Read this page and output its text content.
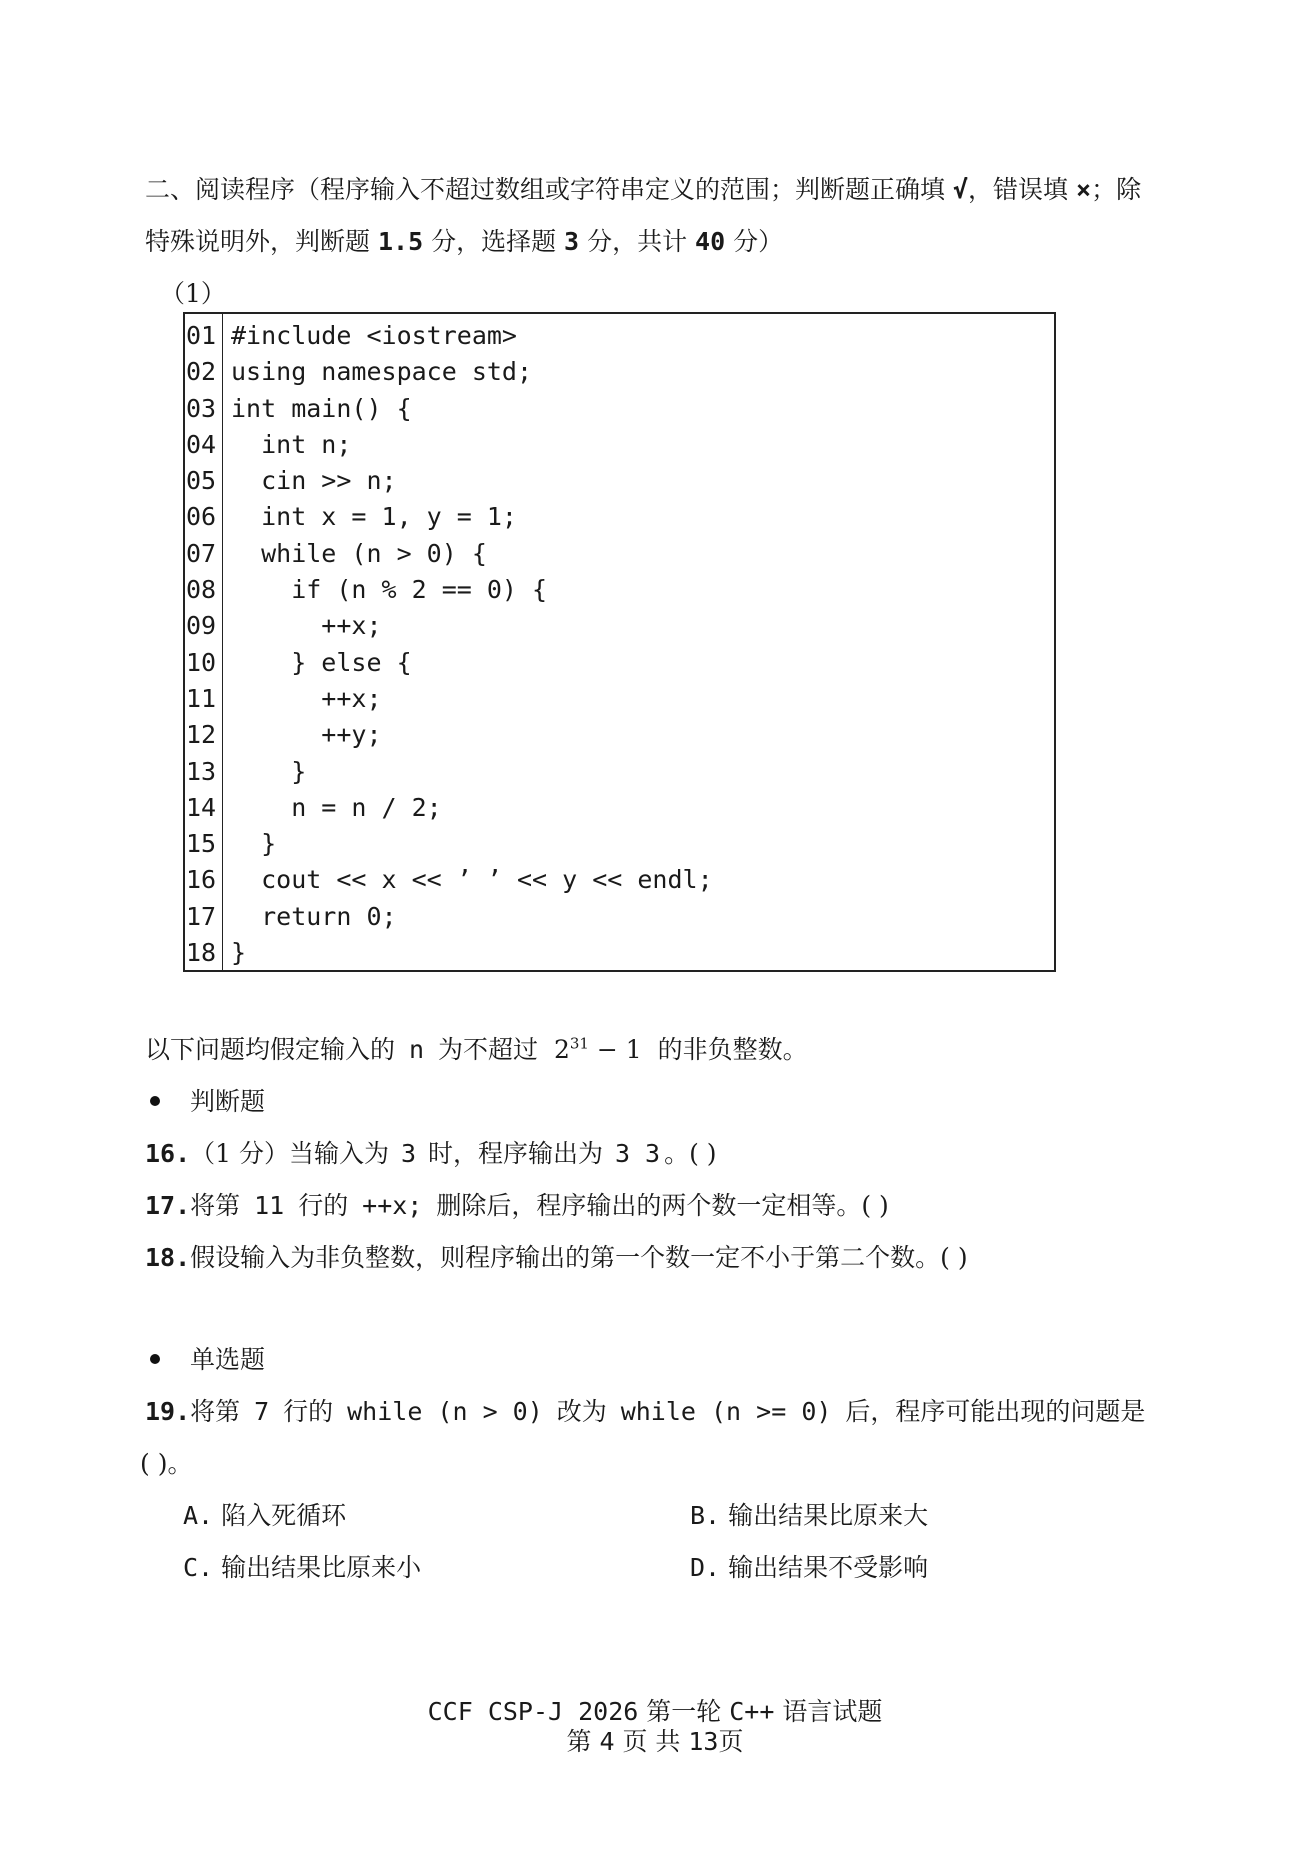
二、阅读程序（程序输入不超过数组或字符串定义的范围；判断题正确填 √，错误填 ×；除
特殊说明外，判断题 1.5 分，选择题 3 分，共计 40 分）
（1）
01
02
03
04
05
06
07
08
09
10
11
12
13
14
15
16
17
18
#include <iostream>
using namespace std;
int main() {
int n;
cin >> n;
int x = 1, y = 1;
while (n > 0) {
if (n % 2 == 0) {
++x;
} else {
++x;
++y;
}
n = n / 2;
}
cout << x << ’ ’ << y << endl;
return 0;
}
以下问题均假定输入的 n 为不超过 $2^{31} - 1$ 的非负整数。
判断题
16.（1 分）当输入为 3 时，程序输出为 3 3 。( )
17.将第 11 行的 ++x; 删除后，程序输出的两个数一定相等。( )
18.假设输入为非负整数，则程序输出的第一个数一定不小于第二个数。( )
单选题
19.将第 7 行的 while (n > 0) 改为 while (n >= 0) 后，程序可能出现的问题是
( )。
A. 陷入死循环	B. 输出结果比原来大
C. 输出结果比原来小	D. 输出结果不受影响
CCF CSP-J 2026 第一轮 C++ 语言试题
第 4 页 共 13页
